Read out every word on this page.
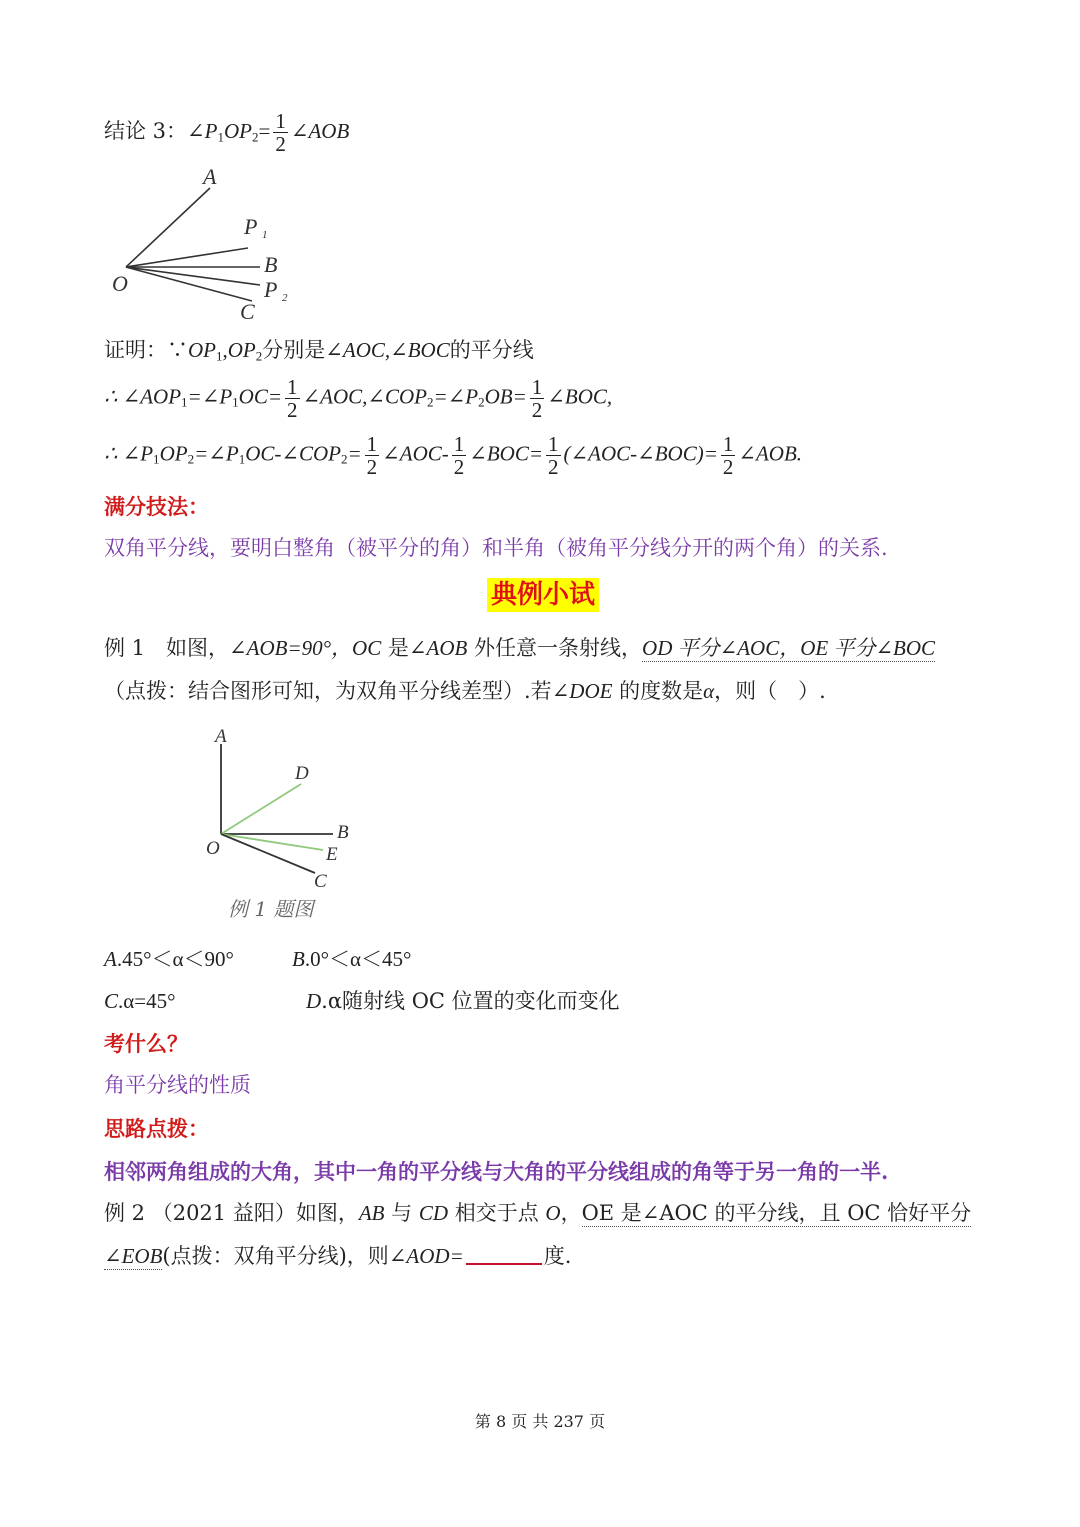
结论 3：$\angle P_1OP_2= \frac{1}{2}$ ∠AOB
A
P 1
B
O	P 2
C
证明：$\because OP_1,OP_2$分别是∠AOC,∠BOC的平分线
∴ $\angle AOP_1=\angle P_1OC= \frac{1}{2}$ $\angle AOC,\angle COP_2=\angle P_2OB= \frac{1}{2}$ ∠BOC,
∴ $\angle P_1OP_2=\angle P_1OC-\angle COP_2= \frac{1}{2}$ ∠AOC- $\frac{1}{2}$ ∠BOC= $\frac{1}{2}$ (∠AOC-∠BOC)= $\frac{1}{2}$ ∠AOB.
满分技法：
双角平分线，要明白整角（被平分的角）和半角（被角平分线分开的两个角）的关系.
典例小试
例 1　如图，∠AOB=90°，OC 是∠AOB 外任意一条射线，OD 平分∠AOC，OE 平分∠BOC
（点拨：结合图形可知，为双角平分线差型）.若∠DOE 的度数是α，则（　）.
A
D
B
O	E
C
例 1 题图
A.45°＜α＜90°	B.0°＜α＜45°
C.α=45°	D.α随射线 OC 位置的变化而变化
考什么？
角平分线的性质
思路点拨：
相邻两角组成的大角，其中一角的平分线与大角的平分线组成的角等于另一角的一半.
例 2 （2021 益阳）如图，AB 与 CD 相交于点 O，OE 是∠AOC 的平分线，且 OC 恰好平分
∠EOB(点拨：双角平分线)，则∠AOD=	度.
第 8 页 共 237 页
